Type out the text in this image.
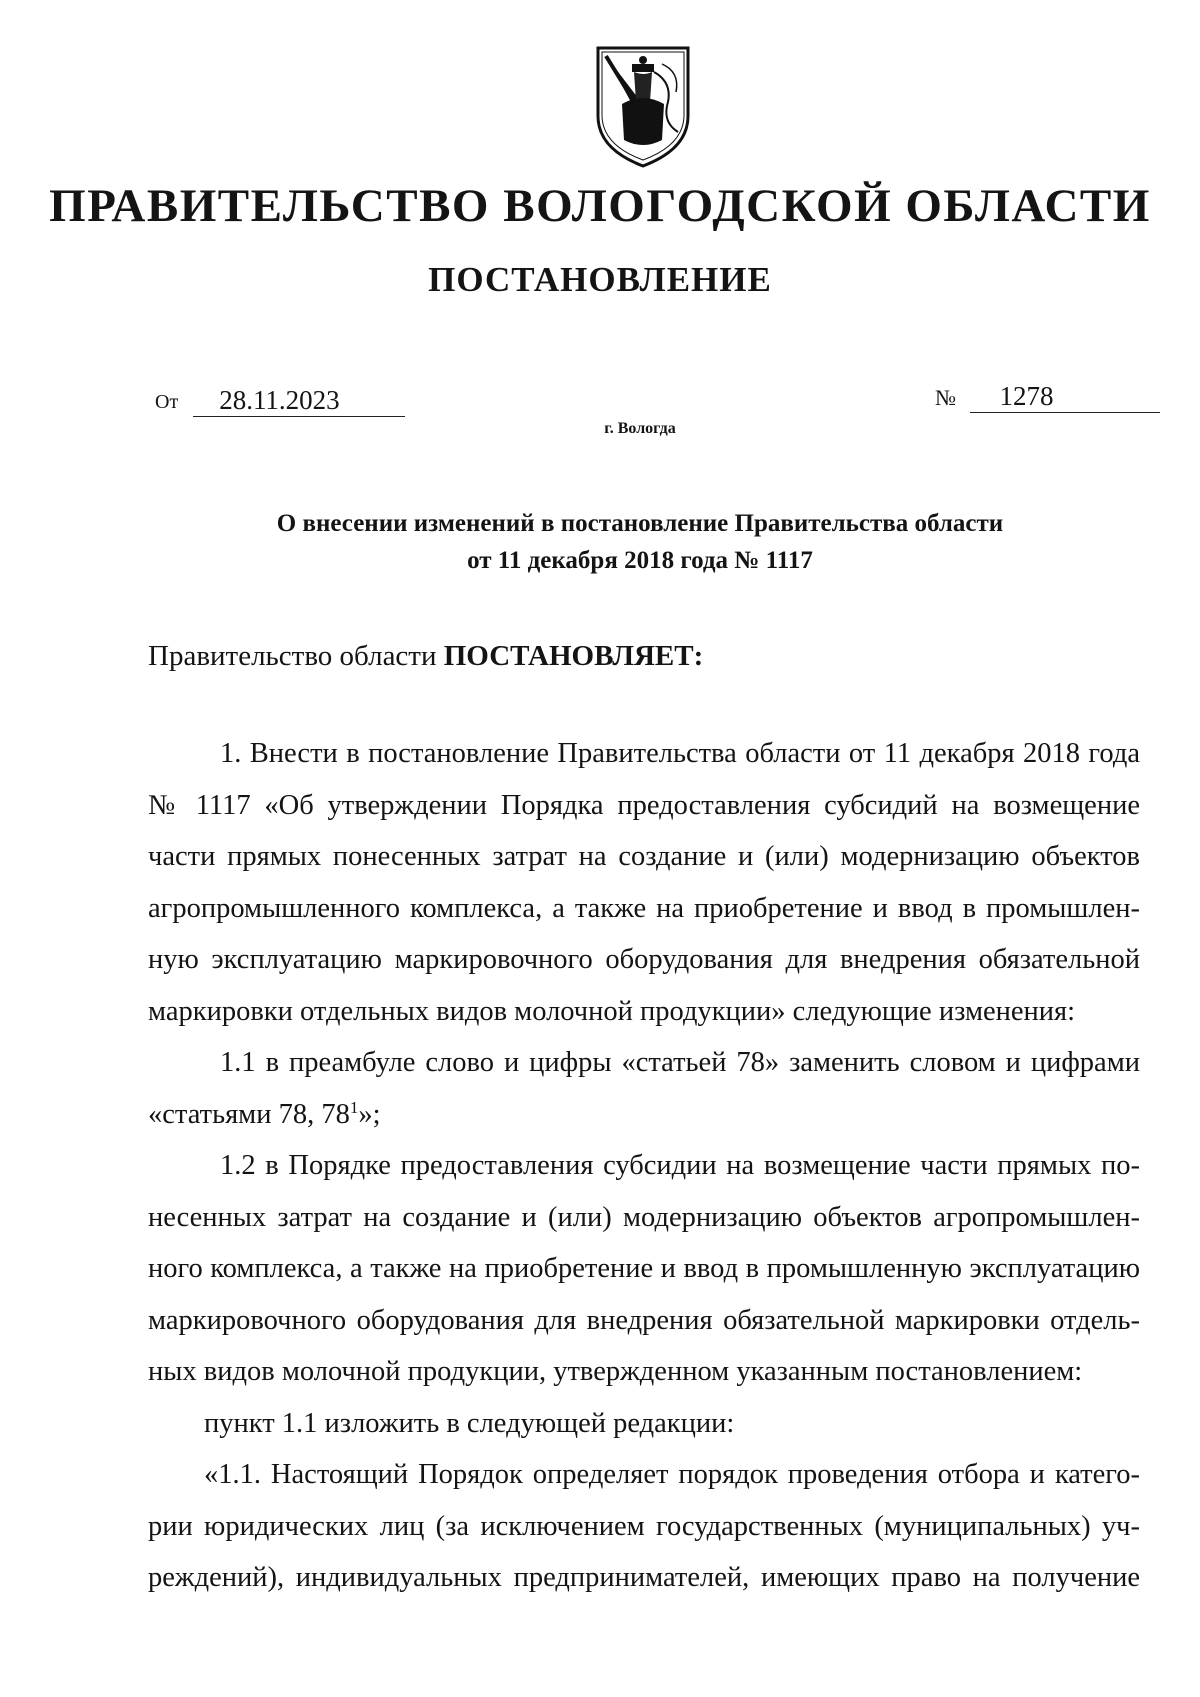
ПРАВИТЕЛЬСТВО ВОЛОГОДСКОЙ ОБЛАСТИ
ПОСТАНОВЛЕНИЕ
От 28.11.2023	№ 1278
г. Вологда
О внесении изменений в постановление Правительства области
от 11 декабря 2018 года № 1117
Правительство области ПОСТАНОВЛЯЕТ:
1. Внести в постановление Правительства области от 11 декабря 2018 года
№ 1117 «Об утверждении Порядка предоставления субсидий на возмещение
части прямых понесенных затрат на создание и (или) модернизацию объектов
агропромышленного комплекса, а также на приобретение и ввод в промышлен-
ную эксплуатацию маркировочного оборудования для внедрения обязательной
маркировки отдельных видов молочной продукции» следующие изменения:
1.1 в преамбуле слово и цифры «статьей 78» заменить словом и цифрами
«статьями 78, $78^1$»;
1.2 в Порядке предоставления субсидии на возмещение части прямых по-
несенных затрат на создание и (или) модернизацию объектов агропромышлен-
ного комплекса, а также на приобретение и ввод в промышленную эксплуатацию
маркировочного оборудования для внедрения обязательной маркировки отдель-
ных видов молочной продукции, утвержденном указанным постановлением:
пункт 1.1 изложить в следующей редакции:
«1.1. Настоящий Порядок определяет порядок проведения отбора и катего-
рии юридических лиц (за исключением государственных (муниципальных) уч-
реждений), индивидуальных предпринимателей, имеющих право на получение
